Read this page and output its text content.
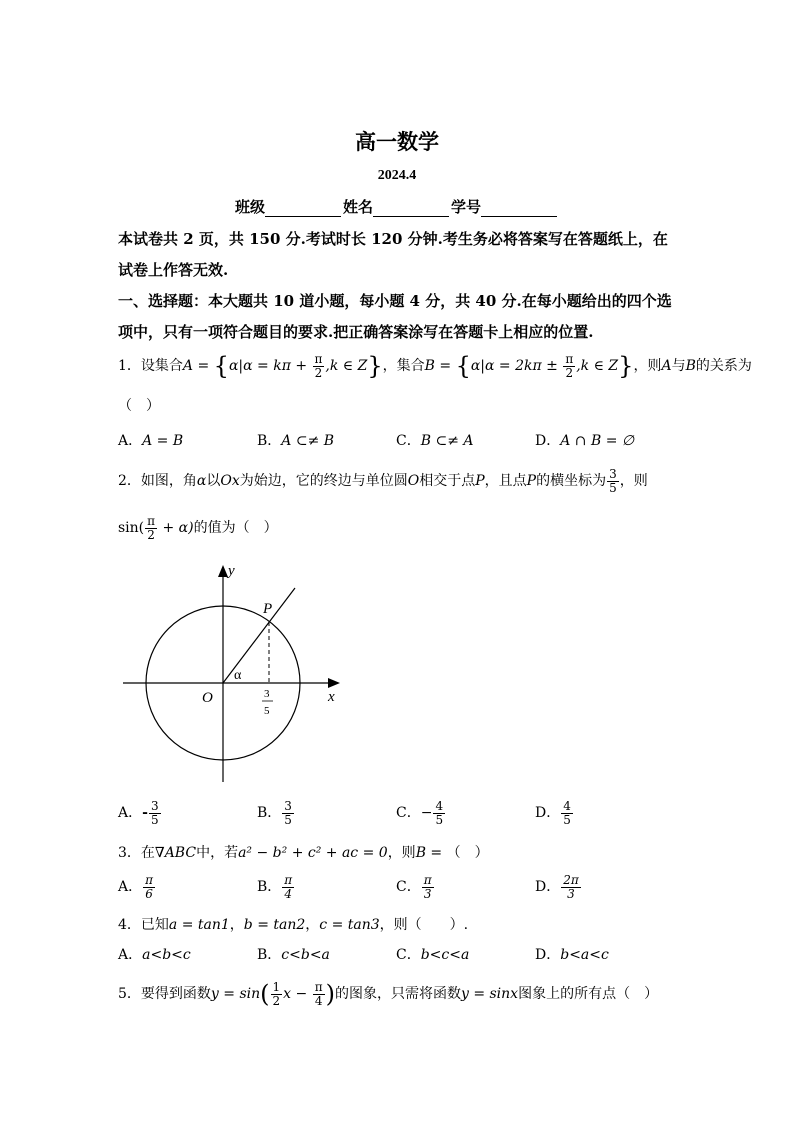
高一数学
2024.4
班级	姓名	学号
本试卷共 2 页，共 150 分.考试时长 120 分钟.考生务必将答案写在答题纸上，在
试卷上作答无效.
一、选择题：本大题共 10 道小题，每小题 4 分，共 40 分.在每小题给出的四个选
项中，只有一项符合题目的要求.把正确答案涂写在答题卡上相应的位置.
1．设集合$A = \{\alpha|\alpha = k\pi + \frac{\pi}{2} ,k$ ∈ Z}，集合$B = \{\alpha|\alpha = 2k\pi \pm \frac{\pi}{2} ,k$ ∈ Z}，则A与B的关系为
（　）
A．A = B	B．A ⊂≠ B	C．B ⊂≠ A	D．A ∩ B = ∅
2．如图，角α以Ox为始边，它的终边与单位圆O相交于点P，且点P的横坐标为 $\frac{3}{5}$ ，则
$\sin( \frac{\pi}{2} + \alpha)$的值为（　）
y
x
O
P
α
3
5
A．- $\frac{3}{5}$	B． $\frac{3}{5}$	C．− $\frac{4}{5}$	D． $\frac{4}{5}$
3．在∇ABC中，若a² − b² + c² + ac = 0，则B = （　）
A． $\frac{\pi}{6}$	B． $\frac{\pi}{4}$	C． $\frac{\pi}{3}$	D． $\frac{2\pi}{3}$
4．已知a = tan1，b = tan2，c = tan3，则（　　）.
A．a<b<c	B．c<b<a	C．b<c<a	D．b<a<c
5．要得到函数$y = \sin( \frac{1}{2}$ $x - \frac{\pi}{4}$ )的图象，只需将函数y = sinx图象上的所有点（　）
